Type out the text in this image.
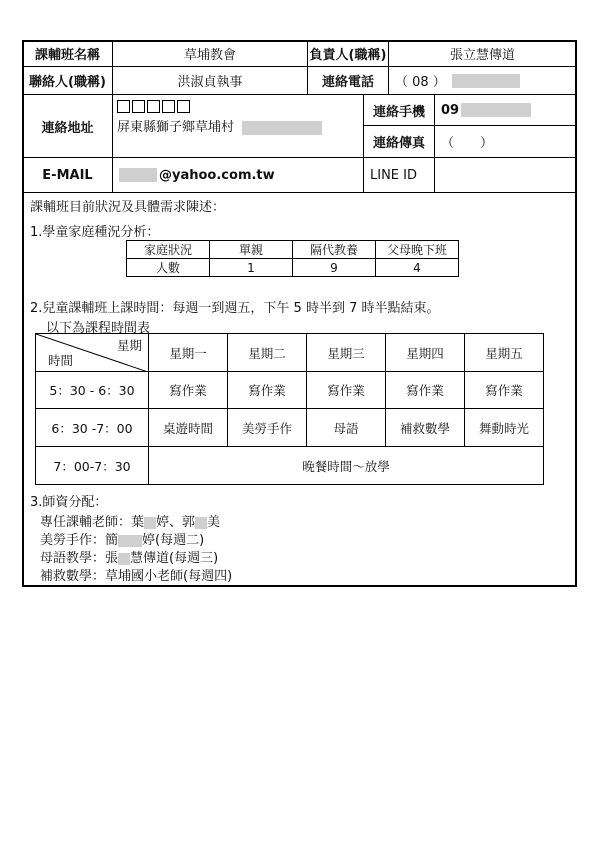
課輔班名稱	草埔教會	負責人(職稱)	張立慧傳道
聯絡人(職稱)	洪淑貞執事	連絡電話	（ 08 ）
連絡地址	屏東縣獅子鄉草埔村
連絡手機	09
連絡傳真	（　　）
E-MAIL	@yahoo.com.tw	LINE ID
課輔班目前狀況及具體需求陳述：
1.學童家庭種況分析：
家庭狀況	單親	隔代教養	父母晚下班
人數	1	9	4
2.兒童課輔班上課時間：每週一到週五，下午 5 時半到 7 時半點結束。
以下為課程時間表
星期
時間	星期一	星期二	星期三	星期四	星期五
5：30 - 6：30	寫作業	寫作業	寫作業	寫作業	寫作業
6：30 -7：00	桌遊時間	美勞手作	母語	補救數學	舞動時光
7：00-7：30	晚餐時間～放學				
3.師資分配：
專任課輔老師：葉 婷、郭 美
美勞手作：簡 婷(每週二)
母語教學：張 慧傳道(每週三)
補救數學：草埔國小老師(每週四)
